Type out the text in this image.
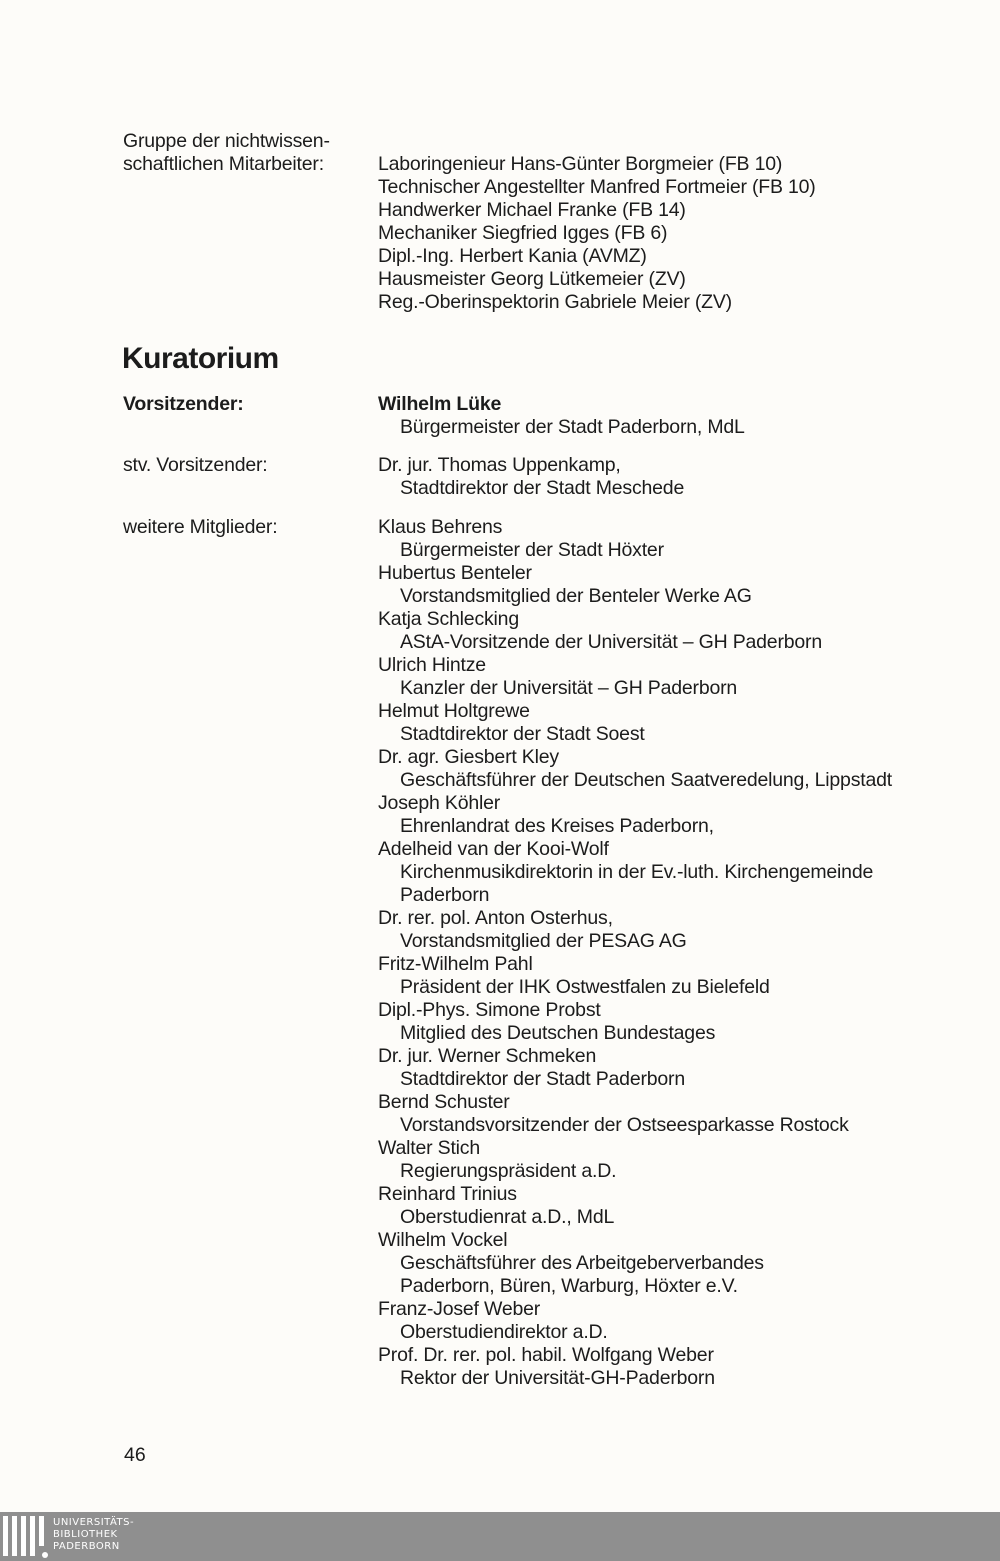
Gruppe der nichtwissen-
schaftlichen Mitarbeiter:	Laboringenieur Hans-Günter Borgmeier (FB 10)
Technischer Angestellter Manfred Fortmeier (FB 10)
Handwerker Michael Franke (FB 14)
Mechaniker Siegfried Igges (FB 6)
Dipl.-Ing. Herbert Kania (AVMZ)
Hausmeister Georg Lütkemeier (ZV)
Reg.-Oberinspektorin Gabriele Meier (ZV)
Kuratorium
Vorsitzender:	Wilhelm Lüke
Bürgermeister der Stadt Paderborn, MdL
stv. Vorsitzender:	Dr. jur. Thomas Uppenkamp,
Stadtdirektor der Stadt Meschede
weitere Mitglieder:	Klaus Behrens
Bürgermeister der Stadt Höxter
Hubertus Benteler
Vorstandsmitglied der Benteler Werke AG
Katja Schlecking
AStA-Vorsitzende der Universität – GH Paderborn
Ulrich Hintze
Kanzler der Universität – GH Paderborn
Helmut Holtgrewe
Stadtdirektor der Stadt Soest
Dr. agr. Giesbert Kley
Geschäftsführer der Deutschen Saatveredelung, Lippstadt
Joseph Köhler
Ehrenlandrat des Kreises Paderborn,
Adelheid van der Kooi-Wolf
Kirchenmusikdirektorin in der Ev.-luth. Kirchengemeinde
Paderborn
Dr. rer. pol. Anton Osterhus,
Vorstandsmitglied der PESAG AG
Fritz-Wilhelm Pahl
Präsident der IHK Ostwestfalen zu Bielefeld
Dipl.-Phys. Simone Probst
Mitglied des Deutschen Bundestages
Dr. jur. Werner Schmeken
Stadtdirektor der Stadt Paderborn
Bernd Schuster
Vorstandsvorsitzender der Ostseesparkasse Rostock
Walter Stich
Regierungspräsident a.D.
Reinhard Trinius
Oberstudienrat a.D., MdL
Wilhelm Vockel
Geschäftsführer des Arbeitgeberverbandes
Paderborn, Büren, Warburg, Höxter e.V.
Franz-Josef Weber
Oberstudiendirektor a.D.
Prof. Dr. rer. pol. habil. Wolfgang Weber
Rektor der Universität-GH-Paderborn
46
UNIVERSITÄTS-
BIBLIOTHEK
PADERBORN
